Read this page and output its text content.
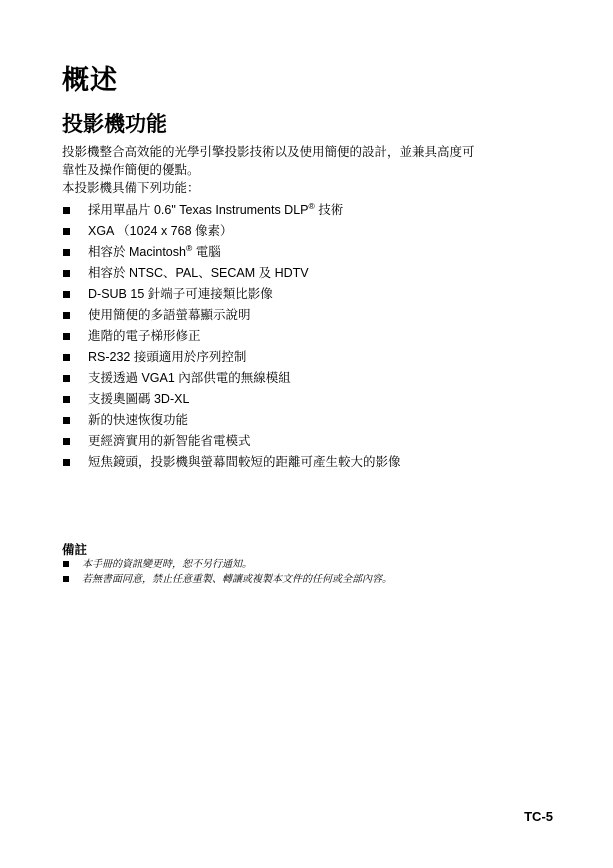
概述
投影機功能

投影機整合高效能的光學引擎投影技術以及使用簡便的設計，並兼具高度可

靠性及操作簡便的優點。

本投影機具備下列功能：

採用單晶片 0.6" Texas Instruments DLP® 技術
XGA （1024 x 768 像素）
相容於 Macintosh® 電腦
相容於 NTSC、PAL、SECAM 及 HDTV
D-SUB 15 針端子可連接類比影像
使用簡便的多語螢幕顯示說明
進階的電子梯形修正
RS-232 接頭適用於序列控制
支援透過 VGA1 內部供電的無線模組
支援奧圖碼 3D-XL
新的快速恢復功能
更經濟實用的新智能省電模式
短焦鏡頭，投影機與螢幕間較短的距離可產生較大的影像
備註
本手冊的資訊變更時，恕不另行通知。
若無書面同意，禁止任意重製、轉讓或複製本文件的任何或全部內容。
TC-5
